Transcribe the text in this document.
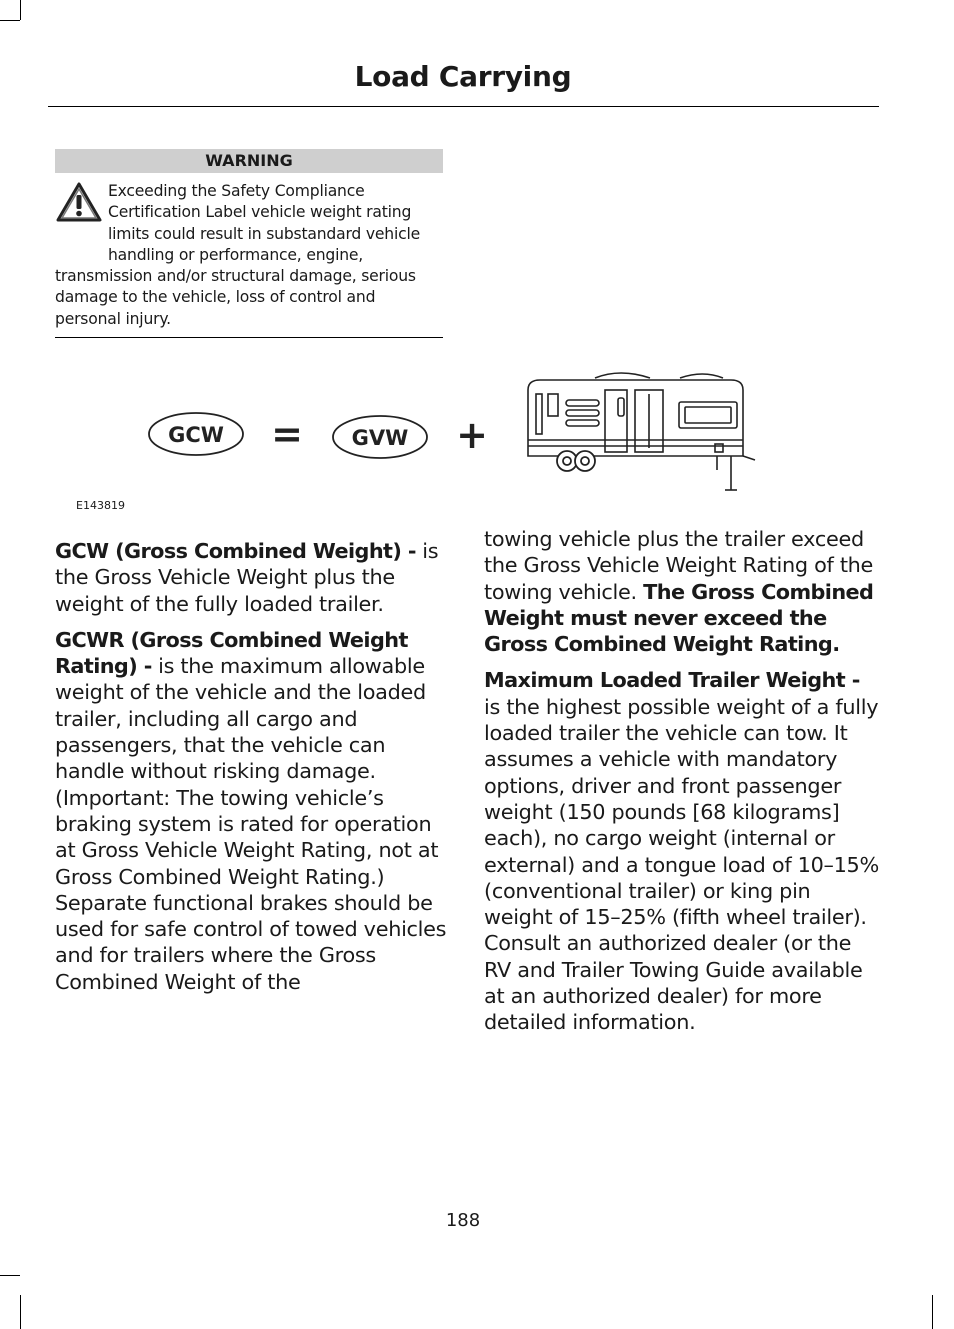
Load Carrying
WARNING
Exceeding the Safety Compliance Certification Label vehicle weight rating limits could result in substandard vehicle handling or performance, engine, transmission and/or structural damage, serious damage to the vehicle, loss of control and personal injury.
GCW = GVW +
E143819

GCW (Gross Combined Weight) - is the Gross Vehicle Weight plus the weight of the fully loaded trailer.

GCWR (Gross Combined Weight Rating) - is the maximum allowable weight of the vehicle and the loaded trailer, including all cargo and passengers, that the vehicle can handle without risking damage. (Important: The towing vehicle’s braking system is rated for operation at Gross Vehicle Weight Rating, not at Gross Combined Weight Rating.) Separate functional brakes should be used for safe control of towed vehicles and for trailers where the Gross Combined Weight of the

towing vehicle plus the trailer exceed the Gross Vehicle Weight Rating of the towing vehicle. The Gross Combined Weight must never exceed the Gross Combined Weight Rating.

Maximum Loaded Trailer Weight - is the highest possible weight of a fully loaded trailer the vehicle can tow. It assumes a vehicle with mandatory options, driver and front passenger weight (150 pounds [68 kilograms] each), no cargo weight (internal or external) and a tongue load of 10–15% (conventional trailer) or king pin weight of 15–25% (fifth wheel trailer). Consult an authorized dealer (or the RV and Trailer Towing Guide available at an authorized dealer) for more detailed information.

188
